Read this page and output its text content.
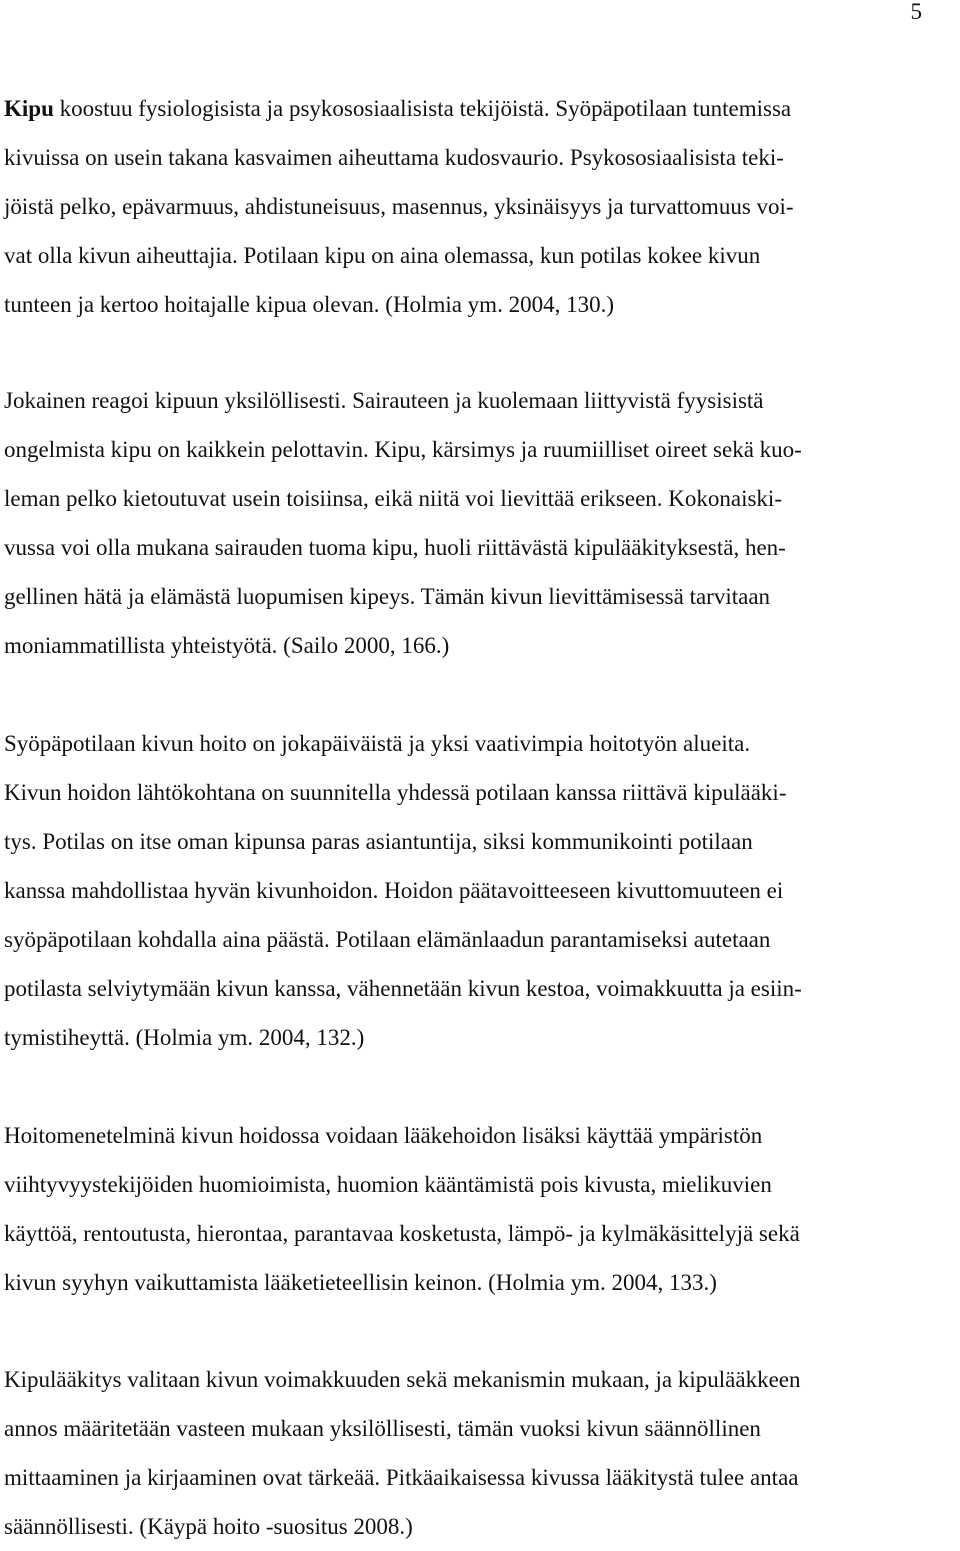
5

Kipu koostuu fysiologisista ja psykososiaalisista tekijöistä. Syöpäpotilaan tuntemissa
kivuissa on usein takana kasvaimen aiheuttama kudosvaurio. Psykososiaalisista teki-
jöistä pelko, epävarmuus, ahdistuneisuus, masennus, yksinäisyys ja turvattomuus voi-
vat olla kivun aiheuttajia. Potilaan kipu on aina olemassa, kun potilas kokee kivun
tunteen ja kertoo hoitajalle kipua olevan. (Holmia ym. 2004, 130.)

Jokainen reagoi kipuun yksilöllisesti. Sairauteen ja kuolemaan liittyvistä fyysisistä
ongelmista kipu on kaikkein pelottavin. Kipu, kärsimys ja ruumiilliset oireet sekä kuo-
leman pelko kietoutuvat usein toisiinsa, eikä niitä voi lievittää erikseen. Kokonaiski-
vussa voi olla mukana sairauden tuoma kipu, huoli riittävästä kipulääkityksestä, hen-
gellinen hätä ja elämästä luopumisen kipeys. Tämän kivun lievittämisessä tarvitaan
moniammatillista yhteistyötä. (Sailo 2000, 166.)

Syöpäpotilaan kivun hoito on jokapäiväistä ja yksi vaativimpia hoitotyön alueita.
Kivun hoidon lähtökohtana on suunnitella yhdessä potilaan kanssa riittävä kipulääki-
tys. Potilas on itse oman kipunsa paras asiantuntija, siksi kommunikointi potilaan
kanssa mahdollistaa hyvän kivunhoidon. Hoidon päätavoitteeseen kivuttomuuteen ei
syöpäpotilaan kohdalla aina päästä. Potilaan elämänlaadun parantamiseksi autetaan
potilasta selviytymään kivun kanssa, vähennetään kivun kestoa, voimakkuutta ja esiin-
tymistiheyttä. (Holmia ym. 2004, 132.)

Hoitomenetelminä kivun hoidossa voidaan lääkehoidon lisäksi käyttää ympäristön
viihtyvyystekijöiden huomioimista, huomion kääntämistä pois kivusta, mielikuvien
käyttöä, rentoutusta, hierontaa, parantavaa kosketusta, lämpö- ja kylmäkäsittelyjä sekä
kivun syyhyn vaikuttamista lääketieteellisin keinon. (Holmia ym. 2004, 133.)

Kipulääkitys valitaan kivun voimakkuuden sekä mekanismin mukaan, ja kipulääkkeen
annos määritetään vasteen mukaan yksilöllisesti, tämän vuoksi kivun säännöllinen
mittaaminen ja kirjaaminen ovat tärkeää. Pitkäaikaisessa kivussa lääkitystä tulee antaa
säännöllisesti. (Käypä hoito -suositus 2008.)
